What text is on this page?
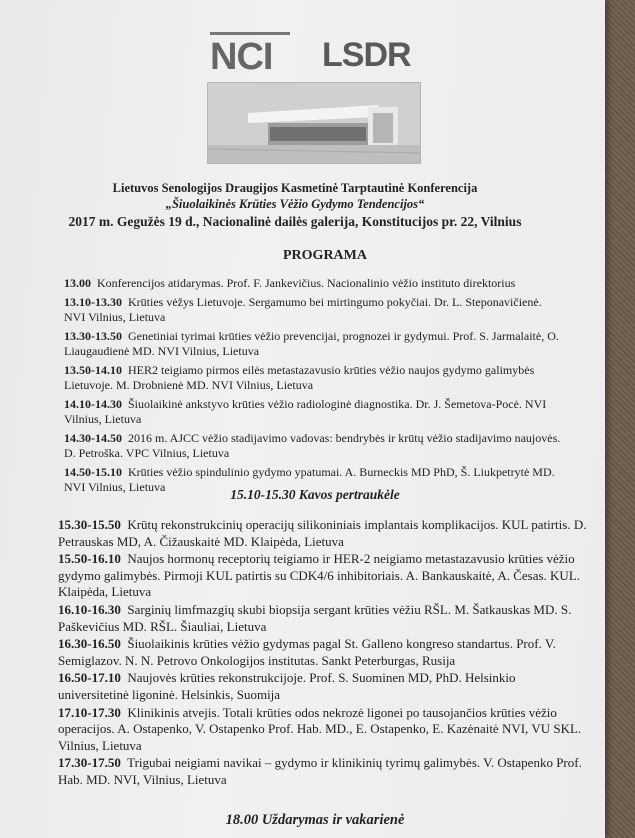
NCI LSDR
Lietuvos Senologijos Draugijos Kasmetinė Tarptautinė Konferencija
„Šiuolaikinės Krūties Vėžio Gydymo Tendencijos“
2017 m. Gegužės 19 d., Nacionalinė dailės galerija, Konstitucijos pr. 22, Vilnius
PROGRAMA
13.00 Konferencijos atidarymas. Prof. F. Jankevičius. Nacionalinio vėžio instituto direktorius
13.10-13.30 Krūties vėžys Lietuvoje. Sergamumo bei mirtingumo pokyčiai. Dr. L. Steponavičienė. NVI Vilnius, Lietuva
13.30-13.50 Genetiniai tyrimai krūties vėžio prevencijai, prognozei ir gydymui. Prof. S. Jarmalaitė, O. Liaugaudienė MD. NVI Vilnius, Lietuva
13.50-14.10 HER2 teigiamo pirmos eilės metastazavusio krūties vėžio naujos gydymo galimybės Lietuvoje. M. Drobnienė MD. NVI Vilnius, Lietuva
14.10-14.30 Šiuolaikinė ankstyvo krūties vėžio radiologinė diagnostika. Dr. J. Šemetova-Pocė. NVI Vilnius, Lietuva
14.30-14.50 2016 m. AJCC vėžio stadijavimo vadovas: bendrybės ir krūtų vėžio stadijavimo naujovės. D. Petroška. VPC Vilnius, Lietuva
14.50-15.10 Krūties vėžio spindulinio gydymo ypatumai. A. Burneckis MD PhD, Š. Liukpetrytė MD. NVI Vilnius, Lietuva	15.10-15.30 Kavos pertraukėle
15.30-15.50 Krūtų rekonstrukcinių operacijų silikoniniais implantais komplikacijos. KUL patirtis. D. Petrauskas MD, A. Čižauskaitė MD. Klaipėda, Lietuva
15.50-16.10 Naujos hormonų receptorių teigiamo ir HER-2 neigiamo metastazavusio krūties vėžio gydymo galimybės. Pirmoji KUL patirtis su CDK4/6 inhibitoriais. A. Bankauskaitė, A. Česas. KUL. Klaipėda, Lietuva
16.10-16.30 Sarginių limfmazgių skubi biopsija sergant krūties vėžiu RŠL. M. Šatkauskas MD. S. Paškevičius MD. RŠL. Šiauliai, Lietuva
16.30-16.50 Šiuolaikinis krūties vėžio gydymas pagal St. Galleno kongreso standartus. Prof. V. Semiglazov. N. N. Petrovo Onkologijos institutas. Sankt Peterburgas, Rusija
16.50-17.10 Naujovės krūties rekonstrukcijoje. Prof. S. Suominen MD, PhD. Helsinkio universitetinė ligoninė. Helsinkis, Suomija
17.10-17.30 Klinikinis atvejis. Totali krūties odos nekrozė ligonei po tausojančios krūties vėžio operacijos. A. Ostapenko, V. Ostapenko Prof. Hab. MD., E. Ostapenko, E. Kazėnaitė NVI, VU SKL. Vilnius, Lietuva
17.30-17.50 Trigubai neigiami navikai – gydymo ir klinikinių tyrimų galimybės. V. Ostapenko Prof. Hab. MD. NVI, Vilnius, Lietuva
18.00 Uždarymas ir vakarienė
